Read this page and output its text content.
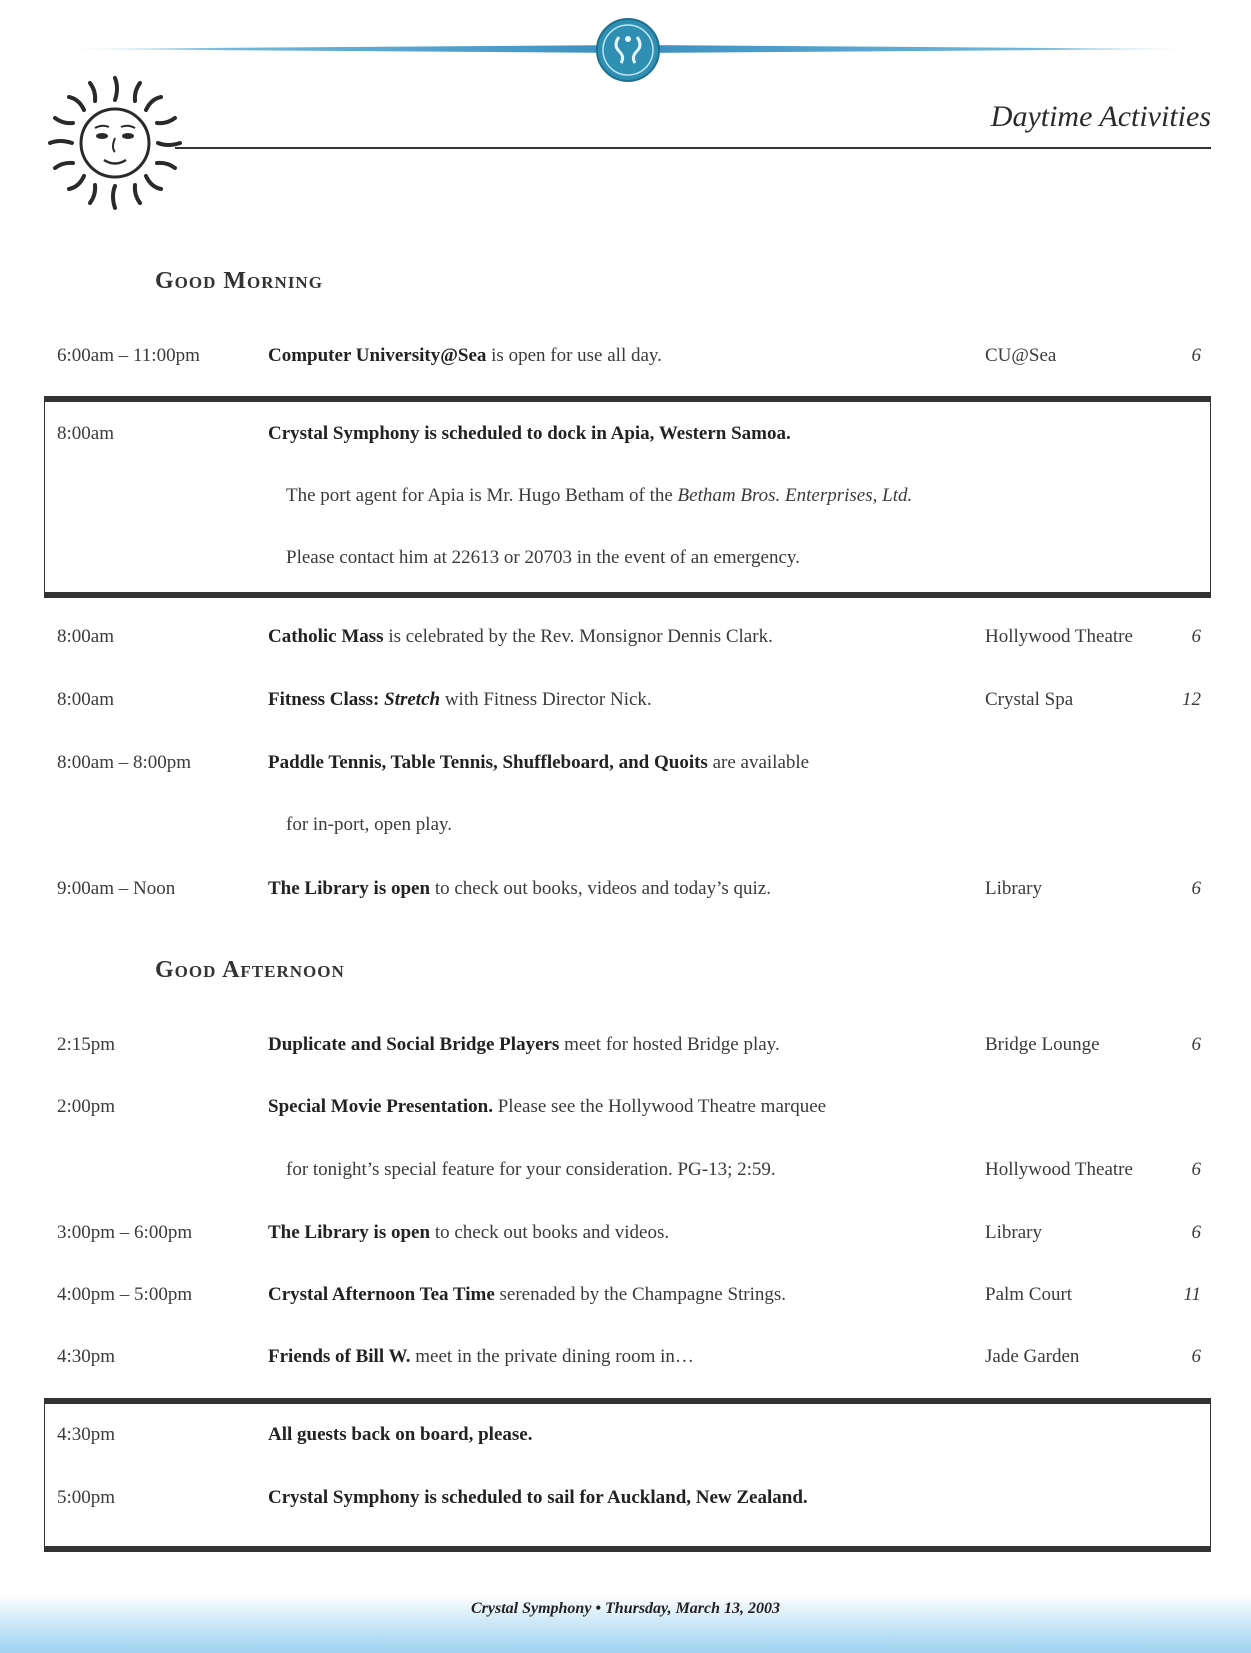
Daytime Activities
Good Morning
6:00am – 11:00pm	Computer University@Sea is open for use all day.	CU@Sea	6
8:00am	Crystal Symphony is scheduled to dock in Apia, Western Samoa.
The port agent for Apia is Mr. Hugo Betham of the Betham Bros. Enterprises, Ltd.
Please contact him at 22613 or 20703 in the event of an emergency.
8:00am	Catholic Mass is celebrated by the Rev. Monsignor Dennis Clark.	Hollywood Theatre	6
8:00am	Fitness Class: Stretch with Fitness Director Nick.	Crystal Spa	12
8:00am – 8:00pm	Paddle Tennis, Table Tennis, Shuffleboard, and Quoits are available
for in-port, open play.
9:00am – Noon	The Library is open to check out books, videos and today’s quiz.	Library	6
Good Afternoon
2:15pm	Duplicate and Social Bridge Players meet for hosted Bridge play.	Bridge Lounge	6
2:00pm	Special Movie Presentation. Please see the Hollywood Theatre marquee
for tonight’s special feature for your consideration. PG-13; 2:59.	Hollywood Theatre	6
3:00pm – 6:00pm	The Library is open to check out books and videos.	Library	6
4:00pm – 5:00pm	Crystal Afternoon Tea Time serenaded by the Champagne Strings.	Palm Court	11
4:30pm	Friends of Bill W. meet in the private dining room in…	Jade Garden	6
4:30pm	All guests back on board, please.
5:00pm	Crystal Symphony is scheduled to sail for Auckland, New Zealand.
Crystal Symphony • Thursday, March 13, 2003
